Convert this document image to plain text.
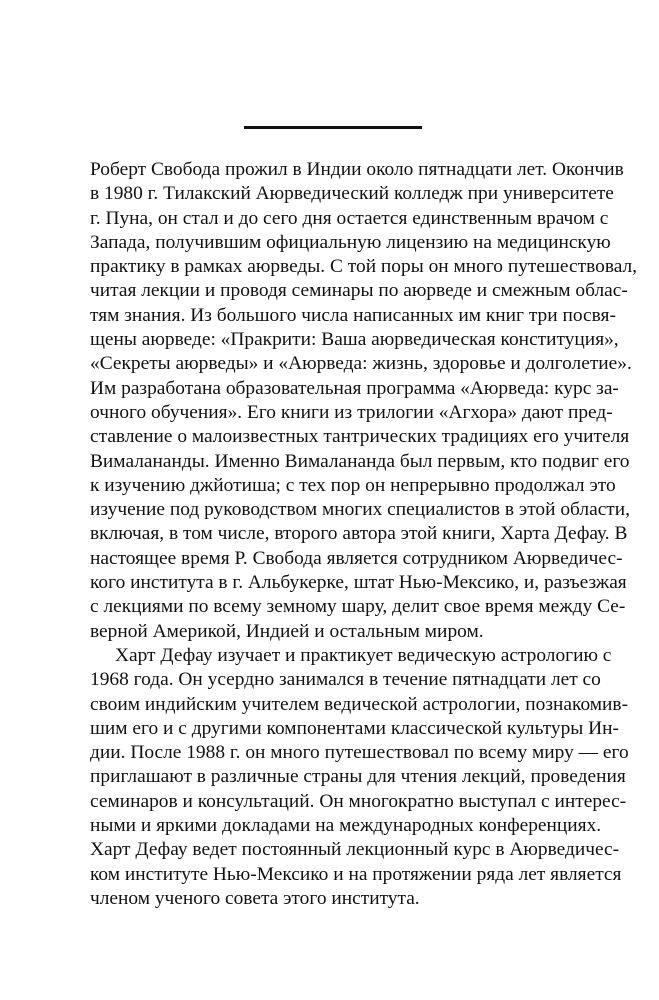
Роберт Свобода прожил в Индии около пятнадцати лет. Окончив
в 1980 г. Тилакский Аюрведический колледж при университете
г. Пуна, он стал и до сего дня остается единственным врачом с
Запада, получившим официальную лицензию на медицинскую
практику в рамках аюрведы. С той поры он много путешествовал,
читая лекции и проводя семинары по аюрведе и смежным облас-
тям знания. Из большого числа написанных им книг три посвя-
щены аюрведе: «Пракрити: Ваша аюрведическая конституция»,
«Секреты аюрведы» и «Аюрведа: жизнь, здоровье и долголетие».
Им разработана образовательная программа «Аюрведа: курс за-
очного обучения». Его книги из трилогии «Агхора» дают пред-
ставление о малоизвестных тантрических традициях его учителя
Вималананды. Именно Вималананда был первым, кто подвиг его
к изучению джйотиша; с тех пор он непрерывно продолжал это
изучение под руководством многих специалистов в этой области,
включая, в том числе, второго автора этой книги, Харта Дефау. В
настоящее время Р. Свобода является сотрудником Аюрведичес-
кого института в г. Альбукерке, штат Нью-Мексико, и, разъезжая
с лекциями по всему земному шару, делит свое время между Се-
верной Америкой, Индией и остальным миром.
Харт Дефау изучает и практикует ведическую астрологию с
1968 года. Он усердно занимался в течение пятнадцати лет со
своим индийским учителем ведической астрологии, познакомив-
шим его и с другими компонентами классической культуры Ин-
дии. После 1988 г. он много путешествовал по всему миру — его
приглашают в различные страны для чтения лекций, проведения
семинаров и консультаций. Он многократно выступал с интерес-
ными и яркими докладами на международных конференциях.
Харт Дефау ведет постоянный лекционный курс в Аюрведичес-
ком институте Нью-Мексико и на протяжении ряда лет является
членом ученого совета этого института.
